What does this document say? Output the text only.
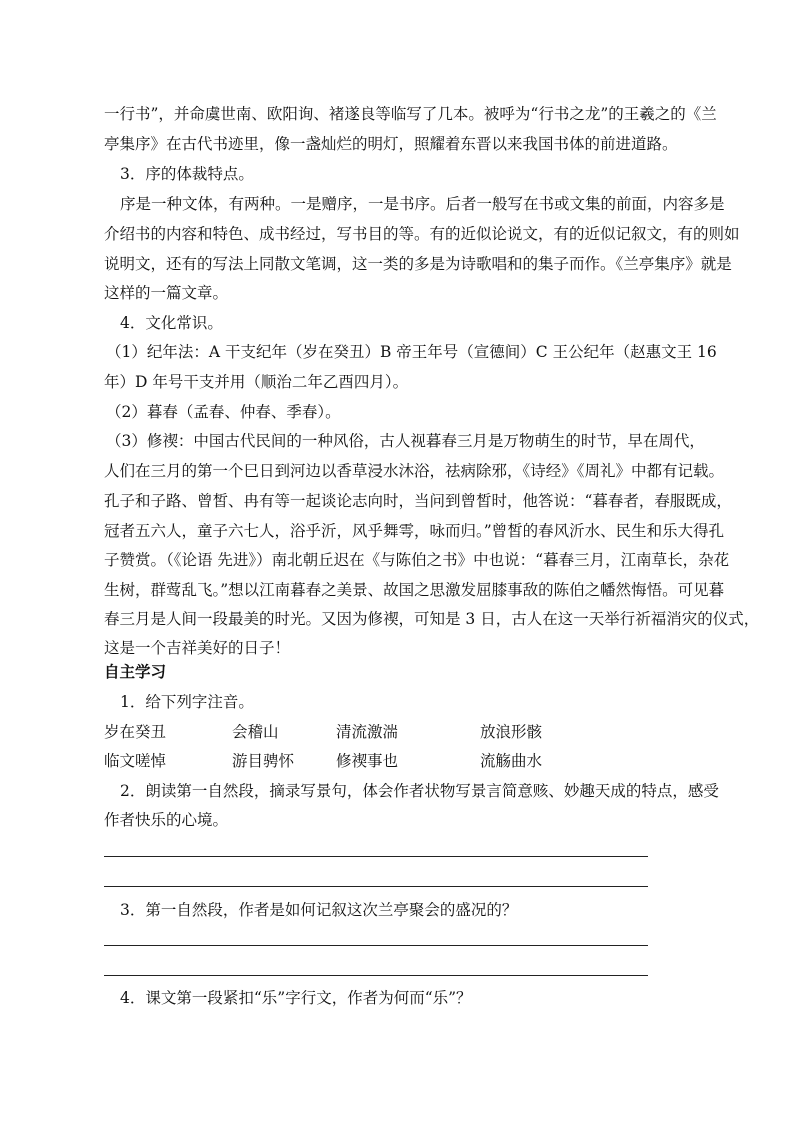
一行书”，并命虞世南、欧阳询、褚遂良等临写了几本。被呼为“行书之龙”的王羲之的《兰
亭集序》在古代书迹里，像一盏灿烂的明灯，照耀着东晋以来我国书体的前进道路。
3．序的体裁特点。
序是一种文体，有两种。一是赠序，一是书序。后者一般写在书或文集的前面，内容多是
介绍书的内容和特色、成书经过，写书目的等。有的近似论说文，有的近似记叙文，有的则如
说明文，还有的写法上同散文笔调，这一类的多是为诗歌唱和的集子而作。《兰亭集序》就是
这样的一篇文章。
4．文化常识。
（1）纪年法：A 干支纪年（岁在癸丑）B 帝王年号（宣德间）C 王公纪年（赵惠文王 16
年）D 年号干支并用（顺治二年乙酉四月）。
（2）暮春（孟春、仲春、季春）。
（3）修禊：中国古代民间的一种风俗，古人视暮春三月是万物萌生的时节，早在周代，
人们在三月的第一个巳日到河边以香草浸水沐浴，祛病除邪，《诗经》《周礼》中都有记载。
孔子和子路、曾皙、冉有等一起谈论志向时，当问到曾皙时，他答说：“暮春者，春服既成，
冠者五六人，童子六七人，浴乎沂，风乎舞雩，咏而归。”曾皙的春风沂水、民生和乐大得孔
子赞赏。（《论语 先进》）南北朝丘迟在《与陈伯之书》中也说：“暮春三月，江南草长，杂花
生树，群莺乱飞。”想以江南暮春之美景、故国之思激发屈膝事敌的陈伯之幡然悔悟。可见暮
春三月是人间一段最美的时光。又因为修禊，可知是 3 日，古人在这一天举行祈福消灾的仪式，
这是一个吉祥美好的日子！
自主学习
1．给下列字注音。
岁在癸丑	会稽山	清流激湍	放浪形骸
临文嗟悼	游目骋怀	修禊事也	流觞曲水
2．朗读第一自然段，摘录写景句，体会作者状物写景言简意赅、妙趣天成的特点，感受
作者快乐的心境。
3．第一自然段，作者是如何记叙这次兰亭聚会的盛况的？
4．课文第一段紧扣“乐”字行文，作者为何而“乐”？
